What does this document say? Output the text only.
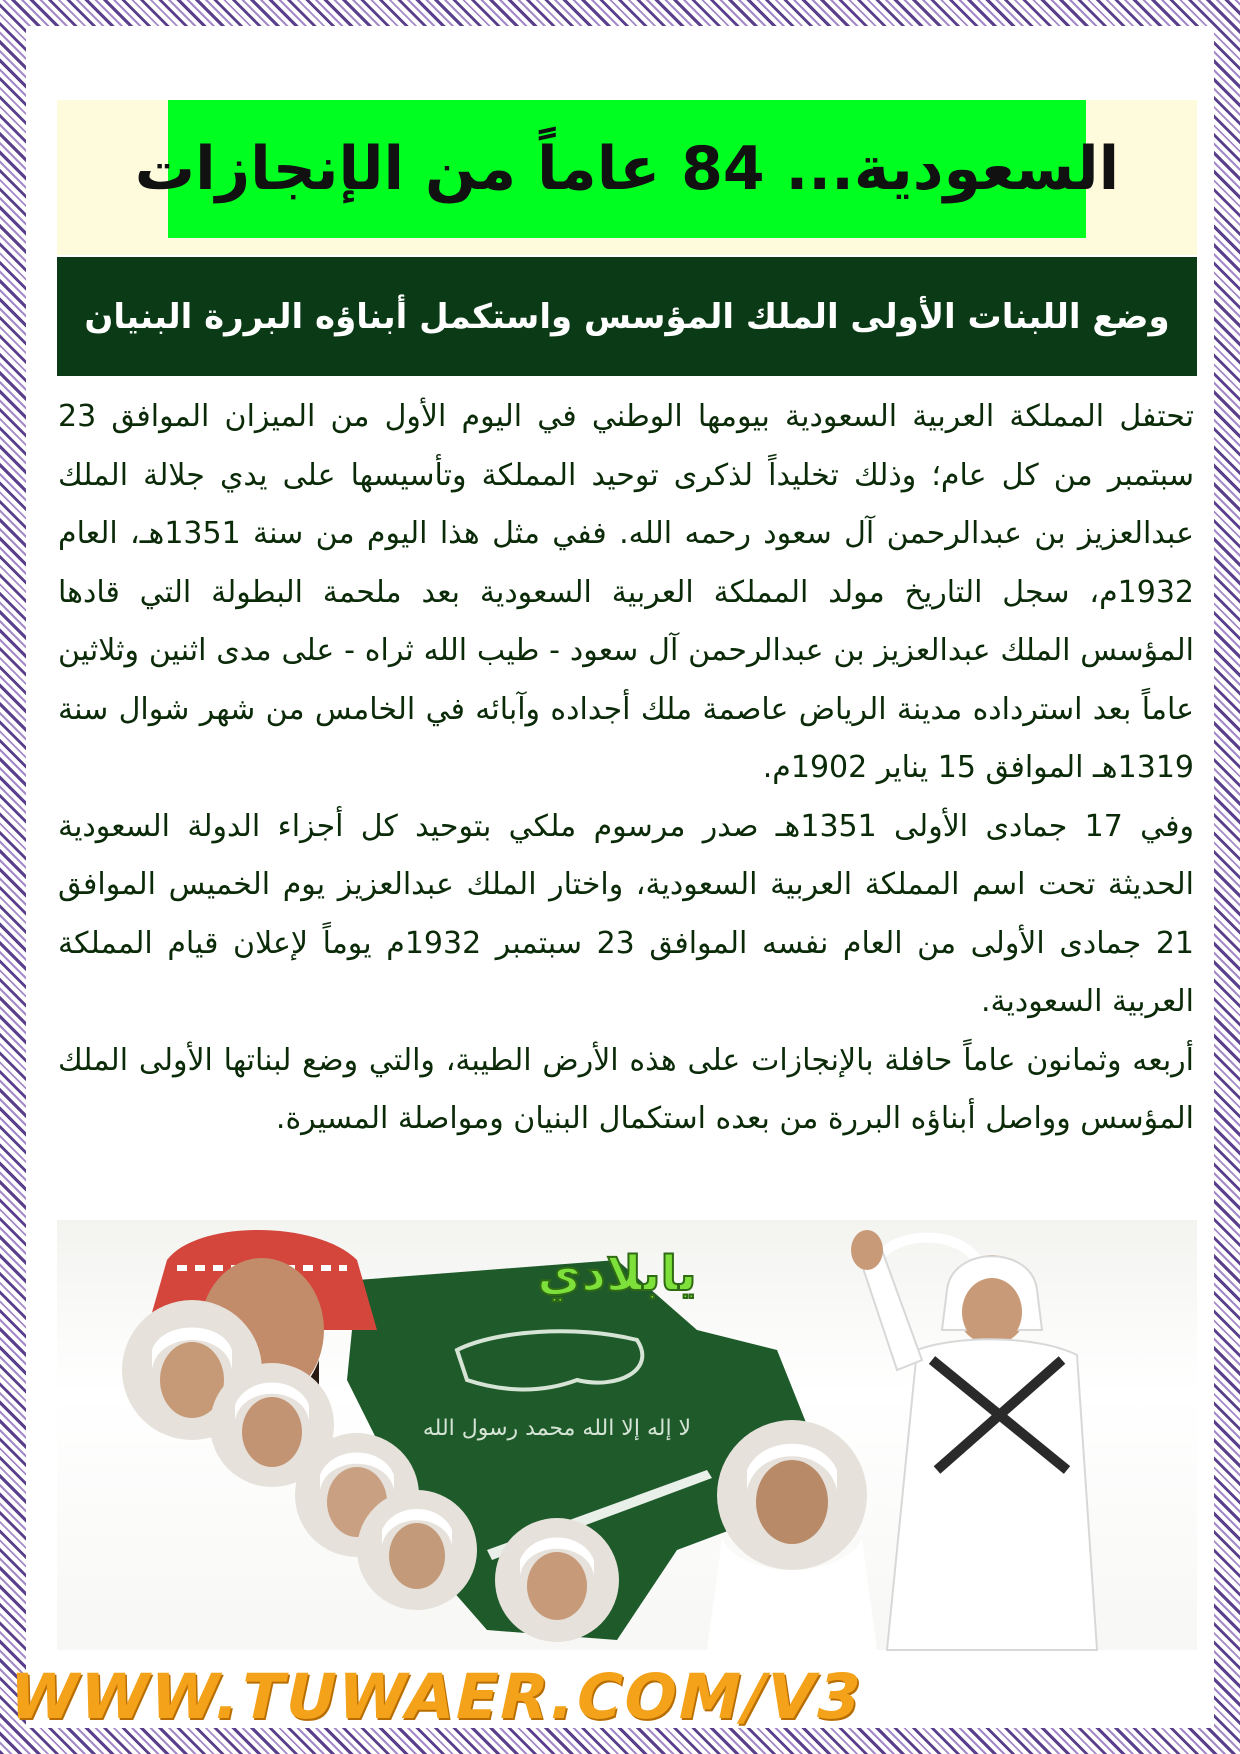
السعودية... 84 عاماً من الإنجازات
وضع اللبنات الأولى الملك المؤسس واستكمل أبناؤه البررة البنيان

تحتفل المملكة العربية السعودية بيومها الوطني في اليوم الأول من الميزان الموافق 23 سبتمبر من كل عام؛ وذلك تخليداً لذكرى توحيد المملكة وتأسيسها على يدي جلالة الملك عبدالعزيز بن عبدالرحمن آل سعود رحمه الله. ففي مثل هذا اليوم من سنة 1351هـ، العام 1932م، سجل التاريخ مولد المملكة العربية السعودية بعد ملحمة البطولة التي قادها المؤسس الملك عبدالعزيز بن عبدالرحمن آل سعود - طيب الله ثراه - على مدى اثنين وثلاثين عاماً بعد استرداده مدينة الرياض عاصمة ملك أجداده وآبائه في الخامس من شهر شوال سنة 1319هـ الموافق 15 يناير 1902م.

وفي 17 جمادى الأولى 1351هـ صدر مرسوم ملكي بتوحيد كل أجزاء الدولة السعودية الحديثة تحت اسم المملكة العربية السعودية، واختار الملك عبدالعزيز يوم الخميس الموافق 21 جمادى الأولى من العام نفسه الموافق 23 سبتمبر 1932م يوماً لإعلان قيام المملكة العربية السعودية.

أربعه وثمانون عاماً حافلة بالإنجازات على هذه الأرض الطيبة، والتي وضع لبناتها الأولى الملك المؤسس وواصل أبناؤه البررة من بعده استكمال البنيان ومواصلة المسيرة.

لا إله إلا الله محمد رسول الله
يابلادي
WWW.TUWAER.COM/V3
